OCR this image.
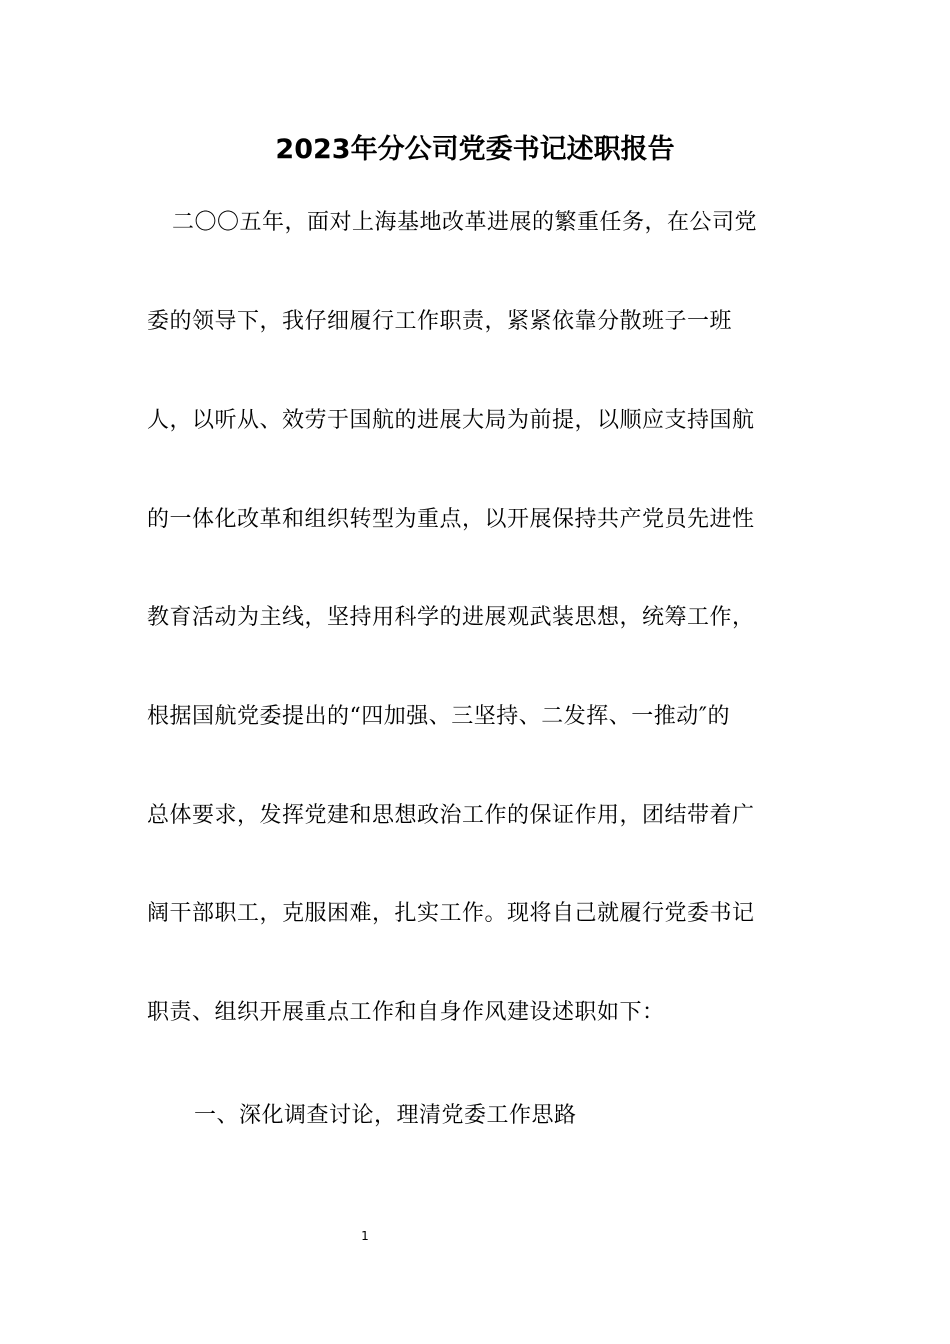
2023年分公司党委书记述职报告
二〇〇五年，面对上海基地改革进展的繁重任务，在公司党
委的领导下，我仔细履行工作职责，紧紧依靠分散班子一班
人，以听从、效劳于国航的进展大局为前提，以顺应支持国航
的一体化改革和组织转型为重点，以开展保持共产党员先进性
教育活动为主线，坚持用科学的进展观武装思想，统筹工作，
根据国航党委提出的“四加强、三坚持、二发挥、一推动″的
总体要求，发挥党建和思想政治工作的保证作用，团结带着广
阔干部职工，克服困难，扎实工作。现将自己就履行党委书记
职责、组织开展重点工作和自身作风建设述职如下：
一、深化调查讨论，理清党委工作思路
1
